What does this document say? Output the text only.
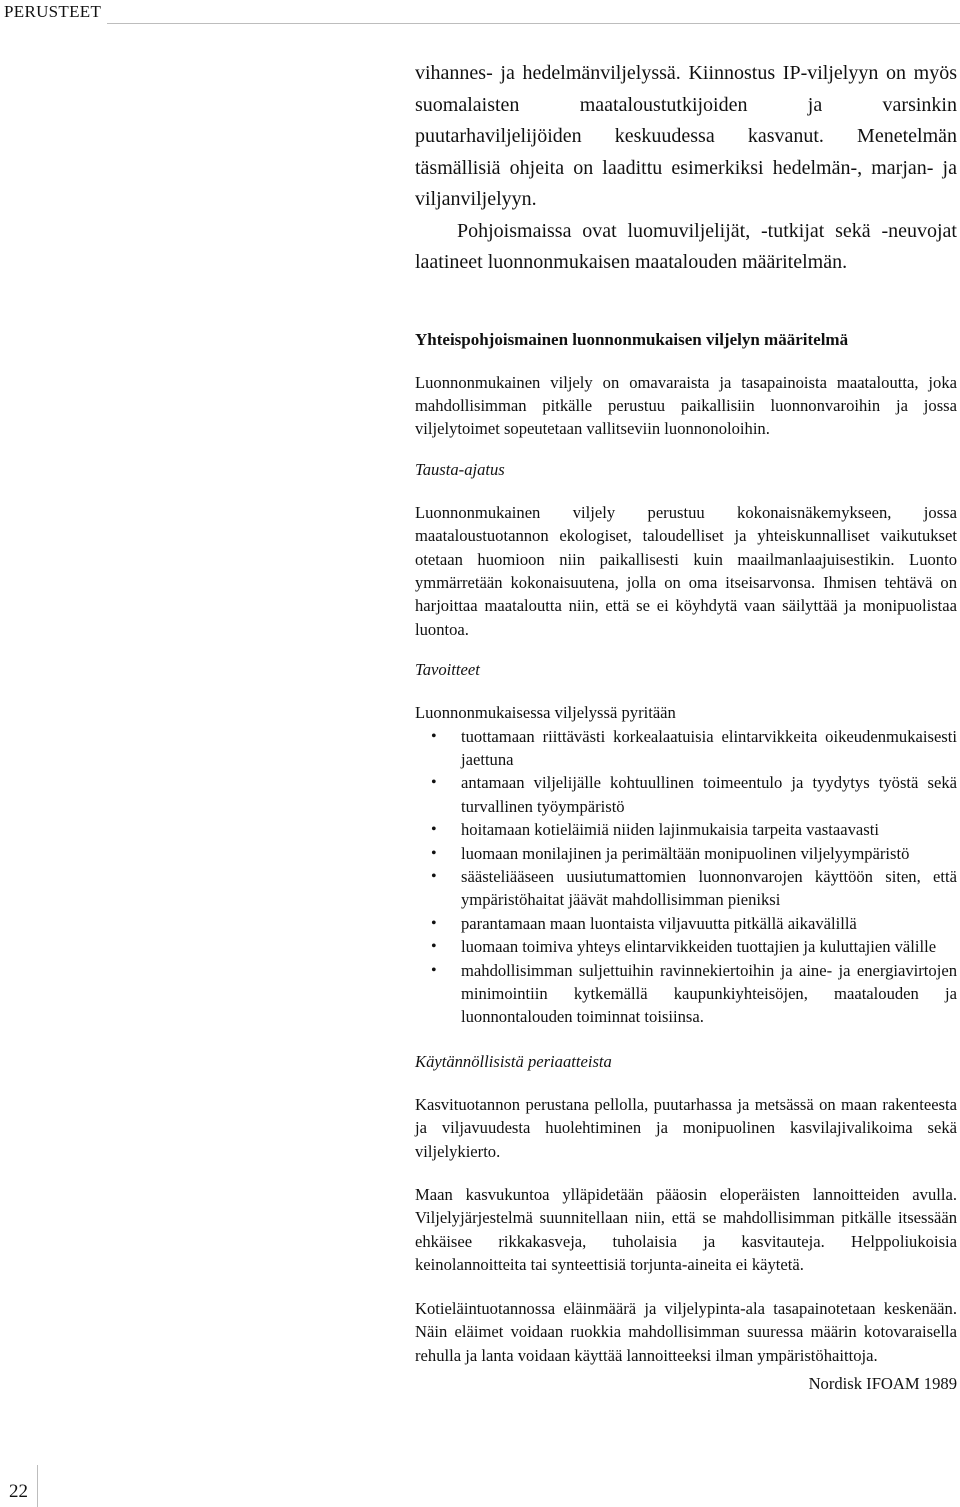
PERUSTEET

vihannes- ja hedelmänviljelyssä. Kiinnostus IP-viljelyyn on myös suomalaisten maataloustutkijoiden ja varsinkin puutarhaviljelijöiden keskuudessa kasvanut. Menetelmän täsmällisiä ohjeita on laadittu esimerkiksi hedelmän-, marjan- ja viljanviljelyyn.

Pohjoismaissa ovat luomuviljelijät, -tutkijat sekä -neuvojat laatineet luonnonmukaisen maatalouden määritelmän.

Yhteispohjoismainen luonnonmukaisen viljelyn määritelmä

Luonnonmukainen viljely on omavaraista ja tasapainoista maataloutta, joka mahdollisimman pitkälle perustuu paikallisiin luonnonvaroihin ja jossa viljelytoimet sopeutetaan vallitseviin luonnonoloihin.

Tausta-ajatus

Luonnonmukainen viljely perustuu kokonaisnäkemykseen, jossa maataloustuotannon ekologiset, taloudelliset ja yhteiskunnalliset vaikutukset otetaan huomioon niin paikallisesti kuin maailmanlaajuisestikin. Luonto ymmärretään kokonaisuutena, jolla on oma itseisarvonsa. Ihmisen tehtävä on harjoittaa maataloutta niin, että se ei köyhdytä vaan säilyttää ja monipuolistaa luontoa.

Tavoitteet
Luonnonmukaisessa viljelyssä pyritään
• tuottamaan riittävästi korkealaatuisia elintarvikkeita oikeudenmukaisesti jaettuna
• antamaan viljelijälle kohtuullinen toimeentulo ja tyydytys työstä sekä turvallinen työympäristö
• hoitamaan kotieläimiä niiden lajinmukaisia tarpeita vastaavasti
• luomaan monilajinen ja perimältään monipuolinen viljelyympäristö
• säästeliääseen uusiutumattomien luonnonvarojen käyttöön siten, että ympäristöhaitat jäävät mahdollisimman pieniksi
• parantamaan maan luontaista viljavuutta pitkällä aikavälillä
• luomaan toimiva yhteys elintarvikkeiden tuottajien ja kuluttajien välille
• mahdollisimman suljettuihin ravinnekiertoihin ja aine- ja energiavirtojen minimointiin kytkemällä kaupunkiyhteisöjen, maatalouden ja luonnontalouden toiminnat toisiinsa.
Käytännöllisistä periaatteista

Kasvituotannon perustana pellolla, puutarhassa ja metsässä on maan rakenteesta ja viljavuudesta huolehtiminen ja monipuolinen kasvilajivalikoima sekä viljelykierto.

Maan kasvukuntoa ylläpidetään pääosin eloperäisten lannoitteiden avulla. Viljelyjärjestelmä suunnitellaan niin, että se mahdollisimman pitkälle itsessään ehkäisee rikkakasveja, tuholaisia ja kasvitauteja. Helppoliukoisia keinolannoitteita tai synteettisiä torjunta-aineita ei käytetä.

Kotieläintuotannossa eläinmäärä ja viljelypinta-ala tasapainotetaan keskenään. Näin eläimet voidaan ruokkia mahdollisimman suuressa määrin kotovaraisella rehulla ja lanta voidaan käyttää lannoitteeksi ilman ympäristöhaittoja.

Nordisk IFOAM 1989
22
